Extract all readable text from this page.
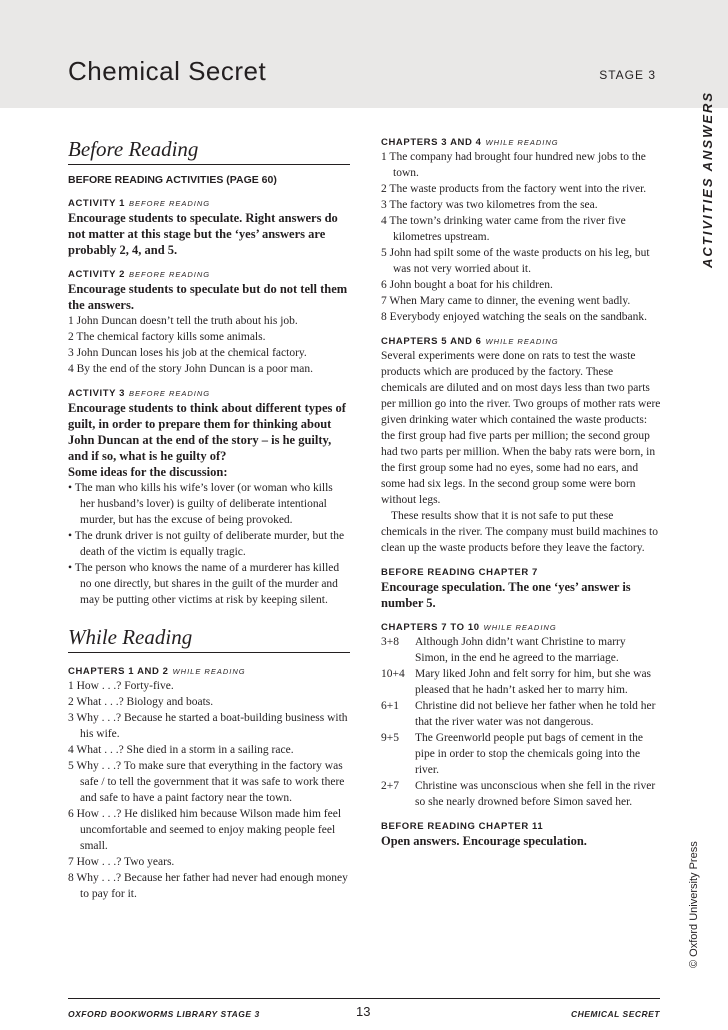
Chemical Secret	STAGE 3
ACTIVITIES ANSWERS
© Oxford University Press
Before Reading
BEFORE READING ACTIVITIES (PAGE 60)
ACTIVITY 1 BEFORE READING
Encourage students to speculate. Right answers do not matter at this stage but the ‘yes’ answers are probably 2, 4, and 5.
ACTIVITY 2 BEFORE READING
Encourage students to speculate but do not tell them the answers.
1 John Duncan doesn’t tell the truth about his job.
2 The chemical factory kills some animals.
3 John Duncan loses his job at the chemical factory.
4 By the end of the story John Duncan is a poor man.
ACTIVITY 3 BEFORE READING
Encourage students to think about different types of guilt, in order to prepare them for thinking about John Duncan at the end of the story – is he guilty, and if so, what is he guilty of?
Some ideas for the discussion:
• The man who kills his wife’s lover (or woman who kills her husband’s lover) is guilty of deliberate intentional murder, but has the excuse of being provoked.
• The drunk driver is not guilty of deliberate murder, but the death of the victim is equally tragic.
• The person who knows the name of a murderer has killed no one directly, but shares in the guilt of the murder and may be putting other victims at risk by keeping silent.
While Reading
CHAPTERS 1 AND 2 WHILE READING
1 How . . .? Forty-five.
2 What . . .? Biology and boats.
3 Why . . .? Because he started a boat-building business with his wife.
4 What . . .? She died in a storm in a sailing race.
5 Why . . .? To make sure that everything in the factory was safe / to tell the government that it was safe to work there and safe to have a paint factory near the town.
6 How . . .? He disliked him because Wilson made him feel uncomfortable and seemed to enjoy making people feel small.
7 How . . .? Two years.
8 Why . . .? Because her father had never had enough money to pay for it.
CHAPTERS 3 AND 4 WHILE READING
1 The company had brought four hundred new jobs to the town.
2 The waste products from the factory went into the river.
3 The factory was two kilometres from the sea.
4 The town’s drinking water came from the river five kilometres upstream.
5 John had spilt some of the waste products on his leg, but was not very worried about it.
6 John bought a boat for his children.
7 When Mary came to dinner, the evening went badly.
8 Everybody enjoyed watching the seals on the sandbank.
CHAPTERS 5 AND 6 WHILE READING
Several experiments were done on rats to test the waste products which are produced by the factory. These chemicals are diluted and on most days less than two parts per million go into the river. Two groups of mother rats were given drinking water which contained the waste products: the first group had five parts per million; the second group had two parts per million. When the baby rats were born, in the first group some had no eyes, some had no ears, and some had six legs. In the second group some were born without legs.
These results show that it is not safe to put these chemicals in the river. The company must build machines to clean up the waste products before they leave the factory.
BEFORE READING CHAPTER 7
Encourage speculation. The one ‘yes’ answer is number 5.
CHAPTERS 7 TO 10 WHILE READING
3+8	Although John didn’t want Christine to marry Simon, in the end he agreed to the marriage.
10+4 Mary liked John and felt sorry for him, but she was pleased that he hadn’t asked her to marry him.
6+1	Christine did not believe her father when he told her that the river water was not dangerous.
9+5	The Greenworld people put bags of cement in the pipe in order to stop the chemicals going into the river.
2+7	Christine was unconscious when she fell in the river so she nearly drowned before Simon saved her.
BEFORE READING CHAPTER 11
Open answers. Encourage speculation.
OXFORD BOOKWORMS LIBRARY STAGE 3	13	CHEMICAL SECRET
